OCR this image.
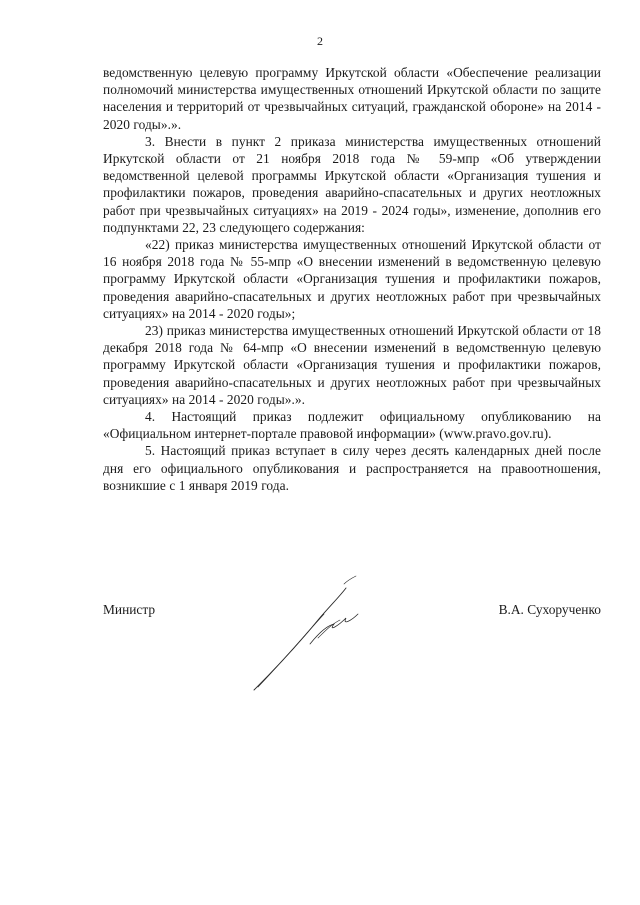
2

ведомственную целевую программу Иркутской области «Обеспечение реализации полномочий министерства имущественных отношений Иркутской области по защите населения и территорий от чрезвычайных ситуаций, гражданской обороне» на 2014 - 2020 годы».».

3. Внести в пункт 2 приказа министерства имущественных отношений Иркутской области от 21 ноября 2018 года № 59-мпр «Об утверждении ведомственной целевой программы Иркутской области «Организация тушения и профилактики пожаров, проведения аварийно-спасательных и других неотложных работ при чрезвычайных ситуациях» на 2019 - 2024 годы», изменение, дополнив его подпунктами 22, 23 следующего содержания:

«22) приказ министерства имущественных отношений Иркутской области от 16 ноября 2018 года № 55-мпр «О внесении изменений в ведомственную целевую программу Иркутской области «Организация тушения и профилактики пожаров, проведения аварийно-спасательных и других неотложных работ при чрезвычайных ситуациях» на 2014 - 2020 годы»;

23) приказ министерства имущественных отношений Иркутской области от 18 декабря 2018 года № 64-мпр «О внесении изменений в ведомственную целевую программу Иркутской области «Организация тушения и профилактики пожаров, проведения аварийно-спасательных и других неотложных работ при чрезвычайных ситуациях» на 2014 - 2020 годы».».

4. Настоящий приказ подлежит официальному опубликованию на «Официальном интернет-портале правовой информации» (www.pravo.gov.ru).

5. Настоящий приказ вступает в силу через десять календарных дней после дня его официального опубликования и распространяется на правоотношения, возникшие с 1 января 2019 года.

Министр	В.А. Сухорученко
